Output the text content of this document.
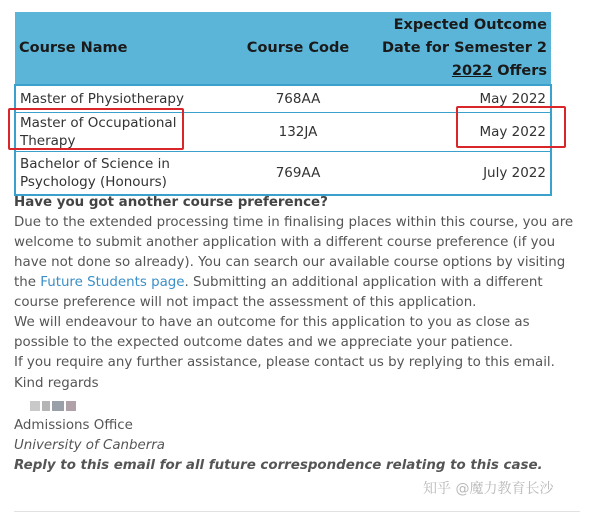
Course Name	Course Code	Expected Outcome
Date for Semester 2
2022 Offers
Master of Physiotherapy	768AA	May 2022
Master of Occupational
Therapy	132JA	May 2022
Bachelor of Science in
Psychology (Honours)	769AA	July 2022
Have you got another course preference?
Due to the extended processing time in finalising places within this course, you are welcome to submit another application with a different course preference (if you have not done so already). You can search our available course options by visiting the Future Students page. Submitting an additional application with a different course preference will not impact the assessment of this application.
We will endeavour to have an outcome for this application to you as close as possible to the expected outcome dates and we appreciate your patience.
If you require any further assistance, please contact us by replying to this email.
Kind regards
Admissions Office
University of Canberra
Reply to this email for all future correspondence relating to this case.
知乎 @魔力教育长沙
